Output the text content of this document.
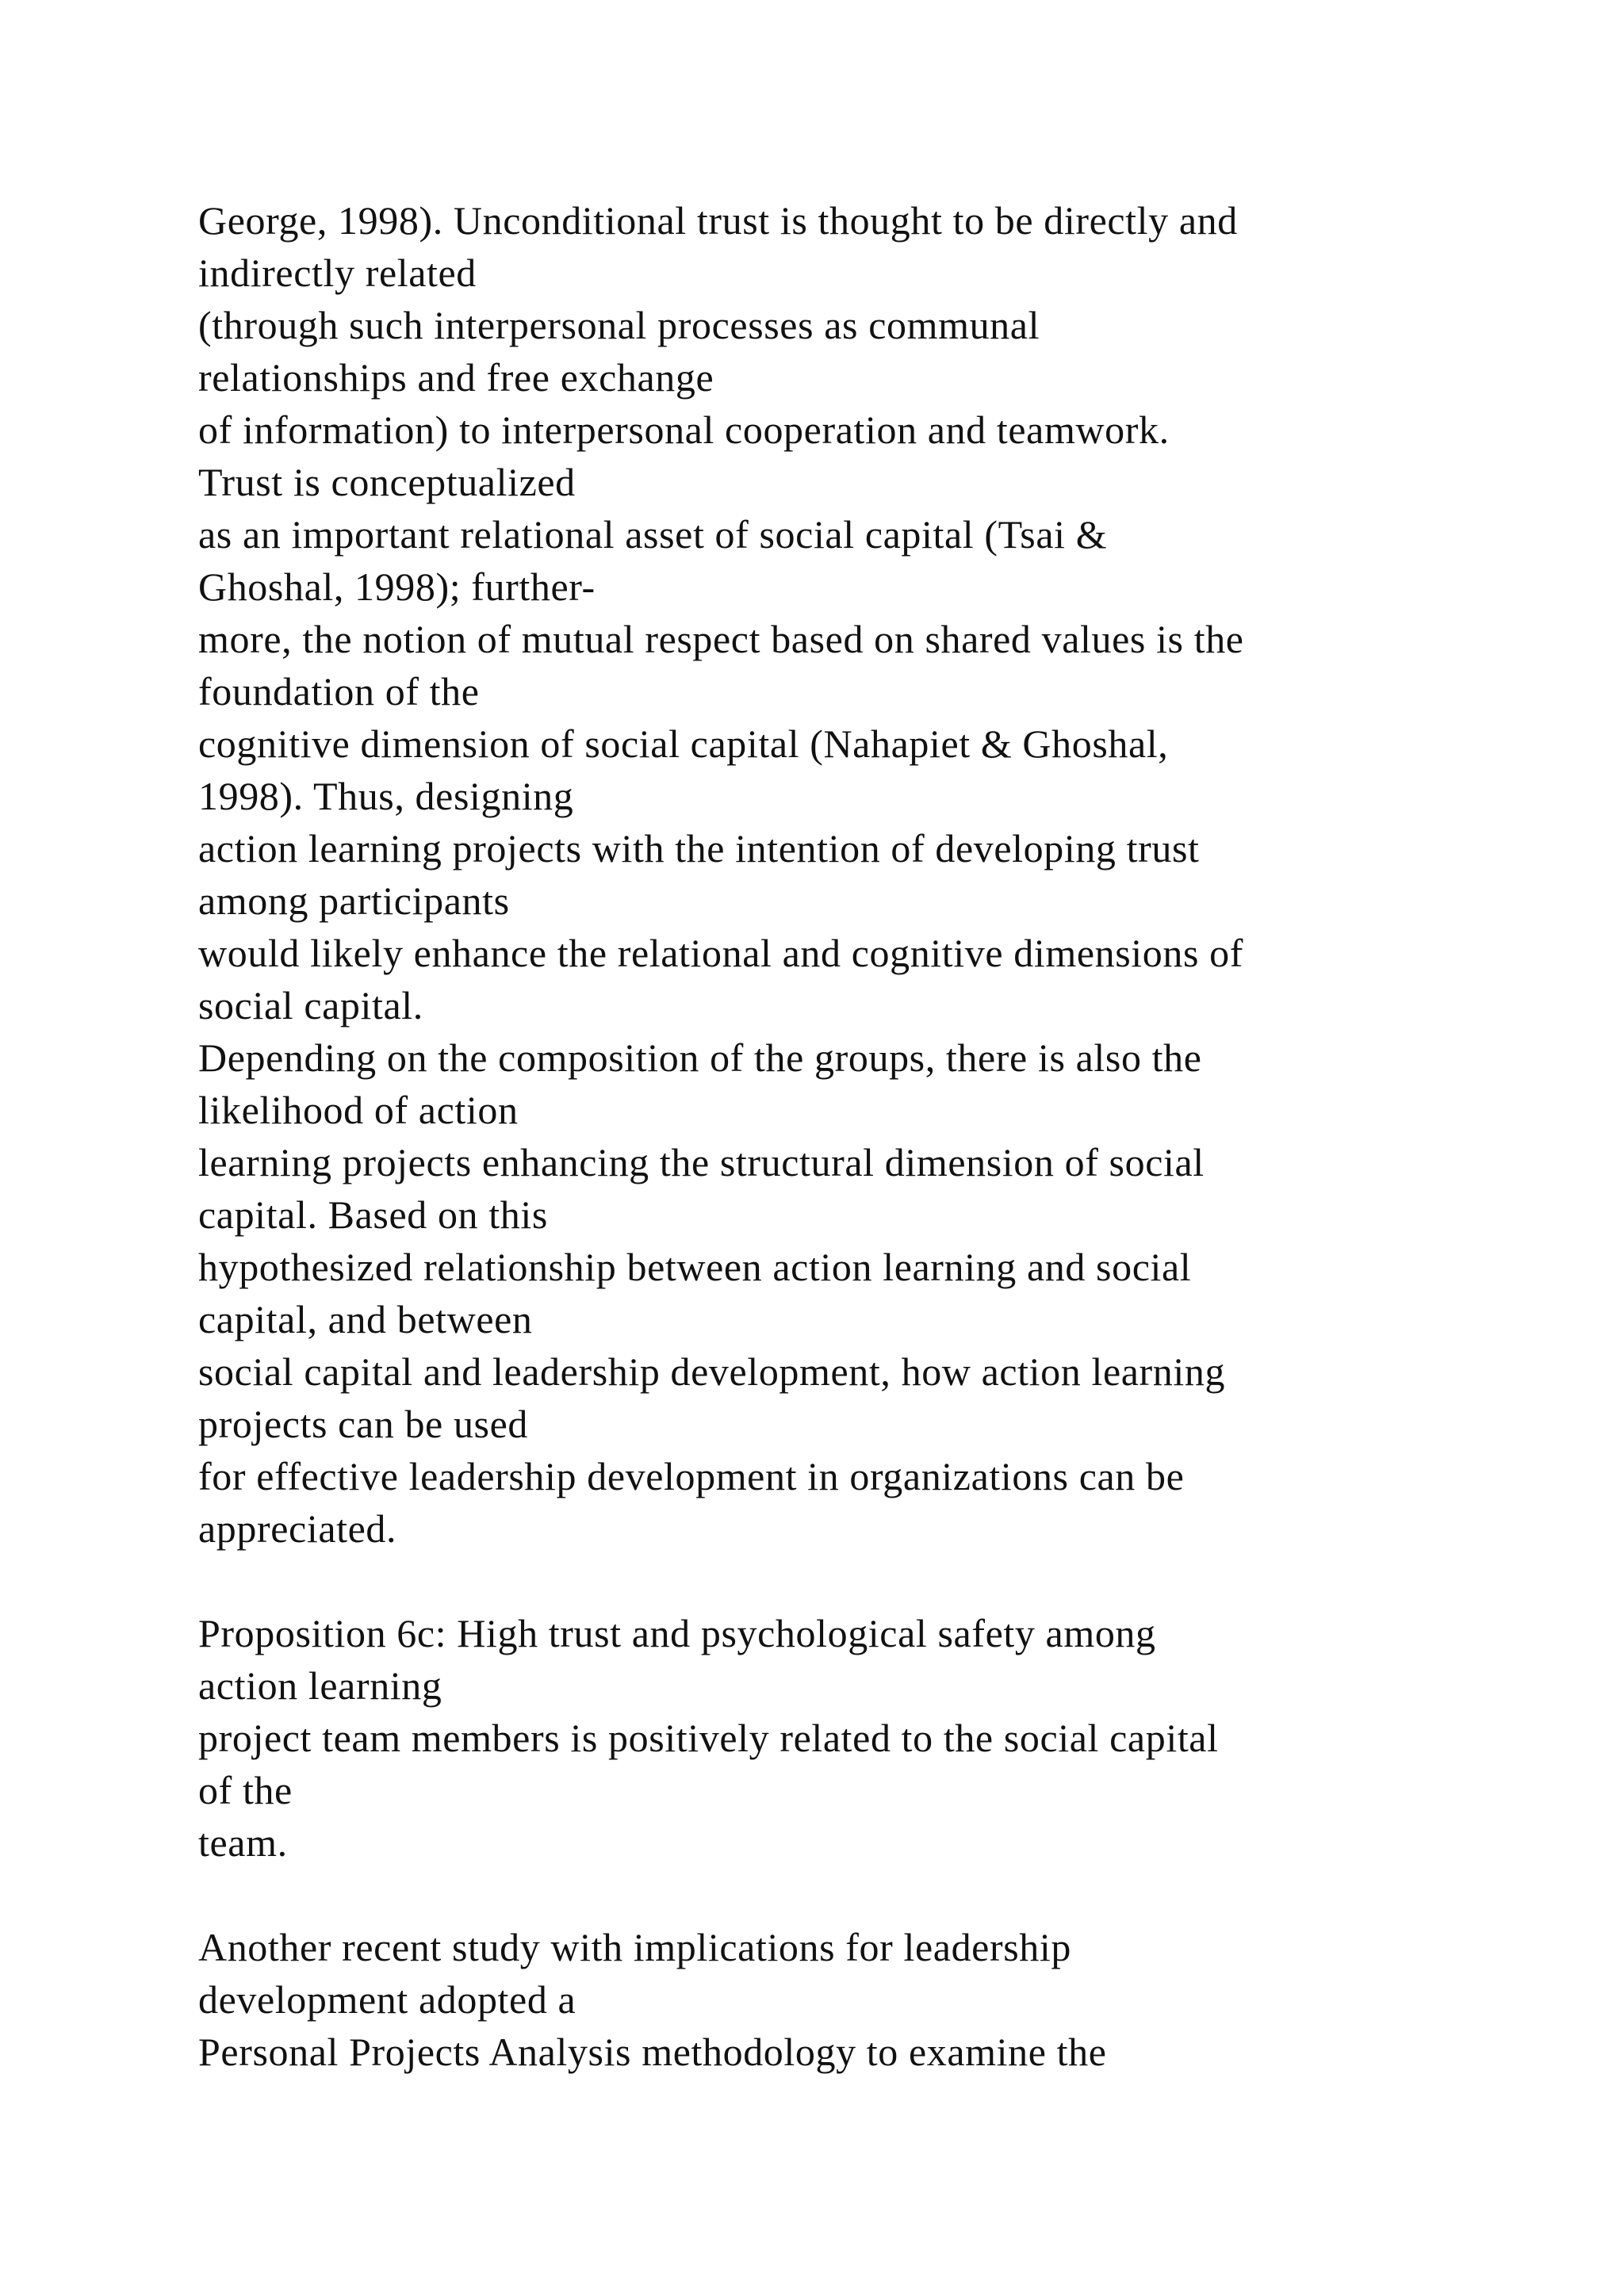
George, 1998). Unconditional trust is thought to be directly and
indirectly related
(through such interpersonal processes as communal
relationships and free exchange
of information) to interpersonal cooperation and teamwork.
Trust is conceptualized
as an important relational asset of social capital (Tsai &
Ghoshal, 1998); further-
more, the notion of mutual respect based on shared values is the
foundation of the
cognitive dimension of social capital (Nahapiet & Ghoshal,
1998). Thus, designing
action learning projects with the intention of developing trust
among participants
would likely enhance the relational and cognitive dimensions of
social capital.
Depending on the composition of the groups, there is also the
likelihood of action
learning projects enhancing the structural dimension of social
capital. Based on this
hypothesized relationship between action learning and social
capital, and between
social capital and leadership development, how action learning
projects can be used
for effective leadership development in organizations can be
appreciated.
Proposition 6c: High trust and psychological safety among
action learning
project team members is positively related to the social capital
of the
team.
Another recent study with implications for leadership
development adopted a
Personal Projects Analysis methodology to examine the
